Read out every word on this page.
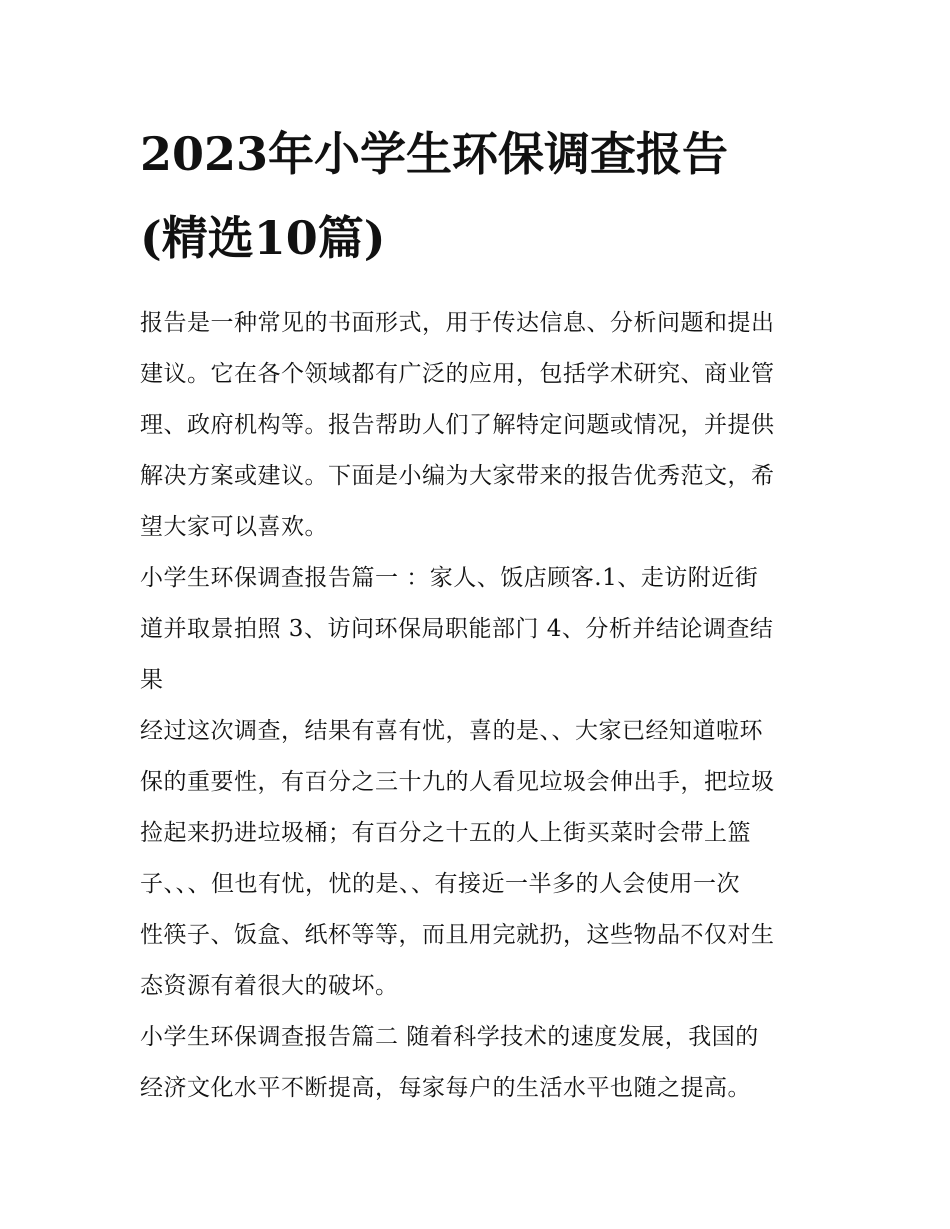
2023年小学生环保调查报告
(精选10篇)

报告是一种常见的书面形式，用于传达信息、分析问题和提出
建议。它在各个领域都有广泛的应用，包括学术研究、商业管
理、政府机构等。报告帮助人们了解特定问题或情况，并提供
解决方案或建议。下面是小编为大家带来的报告优秀范文，希
望大家可以喜欢。

小学生环保调查报告篇一 ：家人、饭店顾客.1、走访附近街
道并取景拍照 3、访问环保局职能部门 4、分析并结论调查结
果

经过这次调查，结果有喜有忧，喜的是、、大家已经知道啦环
保的重要性，有百分之三十九的人看见垃圾会伸出手，把垃圾
捡起来扔进垃圾桶；有百分之十五的人上街买菜时会带上篮
子、、、但也有忧，忧的是、、有接近一半多的人会使用一次
性筷子、饭盒、纸杯等等，而且用完就扔，这些物品不仅对生
态资源有着很大的破坏。

小学生环保调查报告篇二 随着科学技术的速度发展，我国的
经济文化水平不断提高，每家每户的生活水平也随之提高。
